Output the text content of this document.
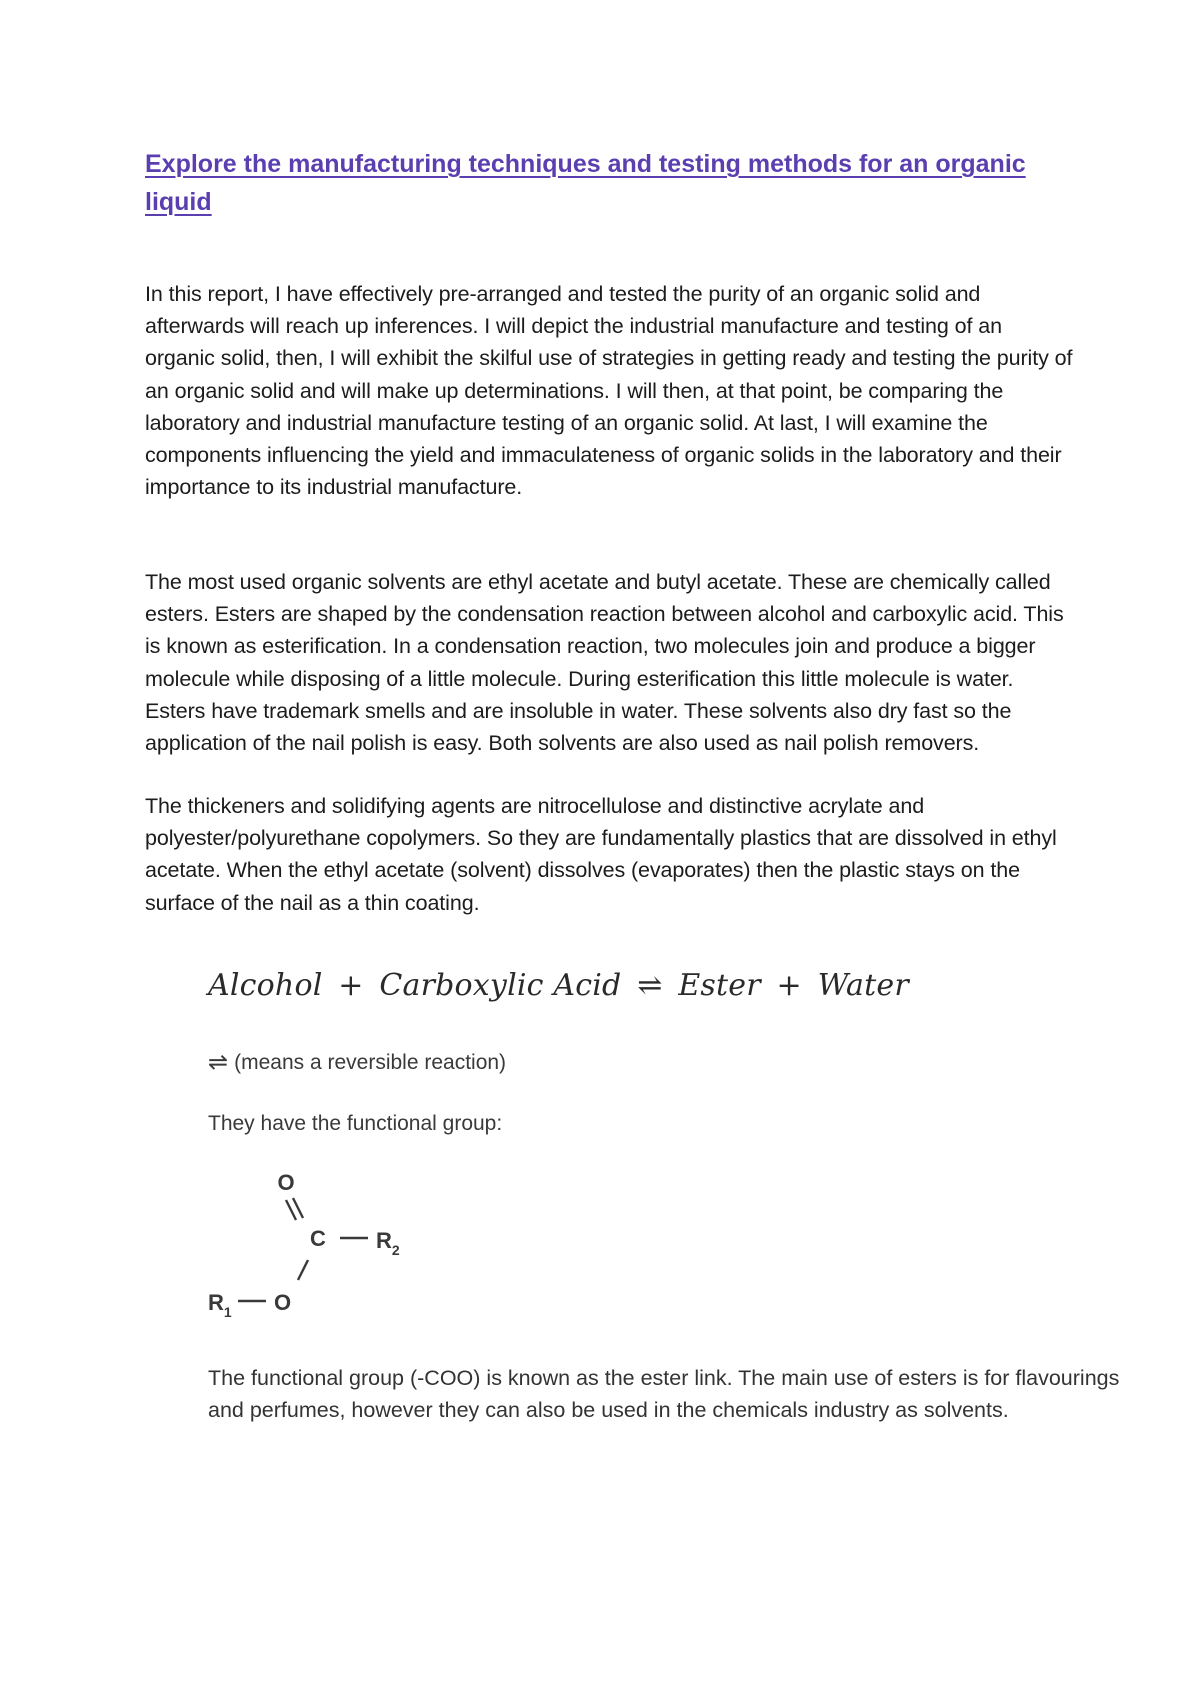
Explore the manufacturing techniques and testing methods for an organic liquid

In this report, I have effectively pre-arranged and tested the purity of an organic solid and afterwards will reach up inferences. I will depict the industrial manufacture and testing of an organic solid, then, I will exhibit the skilful use of strategies in getting ready and testing the purity of an organic solid and will make up determinations. I will then, at that point, be comparing the laboratory and industrial manufacture testing of an organic solid. At last, I will examine the components influencing the yield and immaculateness of organic solids in the laboratory and their importance to its industrial manufacture.

The most used organic solvents are ethyl acetate and butyl acetate. These are chemically called esters. Esters are shaped by the condensation reaction between alcohol and carboxylic acid. This is known as esterification. In a condensation reaction, two molecules join and produce a bigger molecule while disposing of a little molecule. During esterification this little molecule is water. Esters have trademark smells and are insoluble in water. These solvents also dry fast so the application of the nail polish is easy. Both solvents are also used as nail polish removers.

The thickeners and solidifying agents are nitrocellulose and distinctive acrylate and polyester/polyurethane copolymers. So they are fundamentally plastics that are dissolved in ethyl acetate. When the ethyl acetate (solvent) dissolves (evaporates) then the plastic stays on the surface of the nail as a thin coating.

Alcohol + Carboxylic Acid ⇌ Ester + Water
⇌ (means a reversible reaction)
They have the functional group:
O
C $R_2$
$R_1$ O

The functional group (-COO) is known as the ester link. The main use of esters is for flavourings and perfumes, however they can also be used in the chemicals industry as solvents.
